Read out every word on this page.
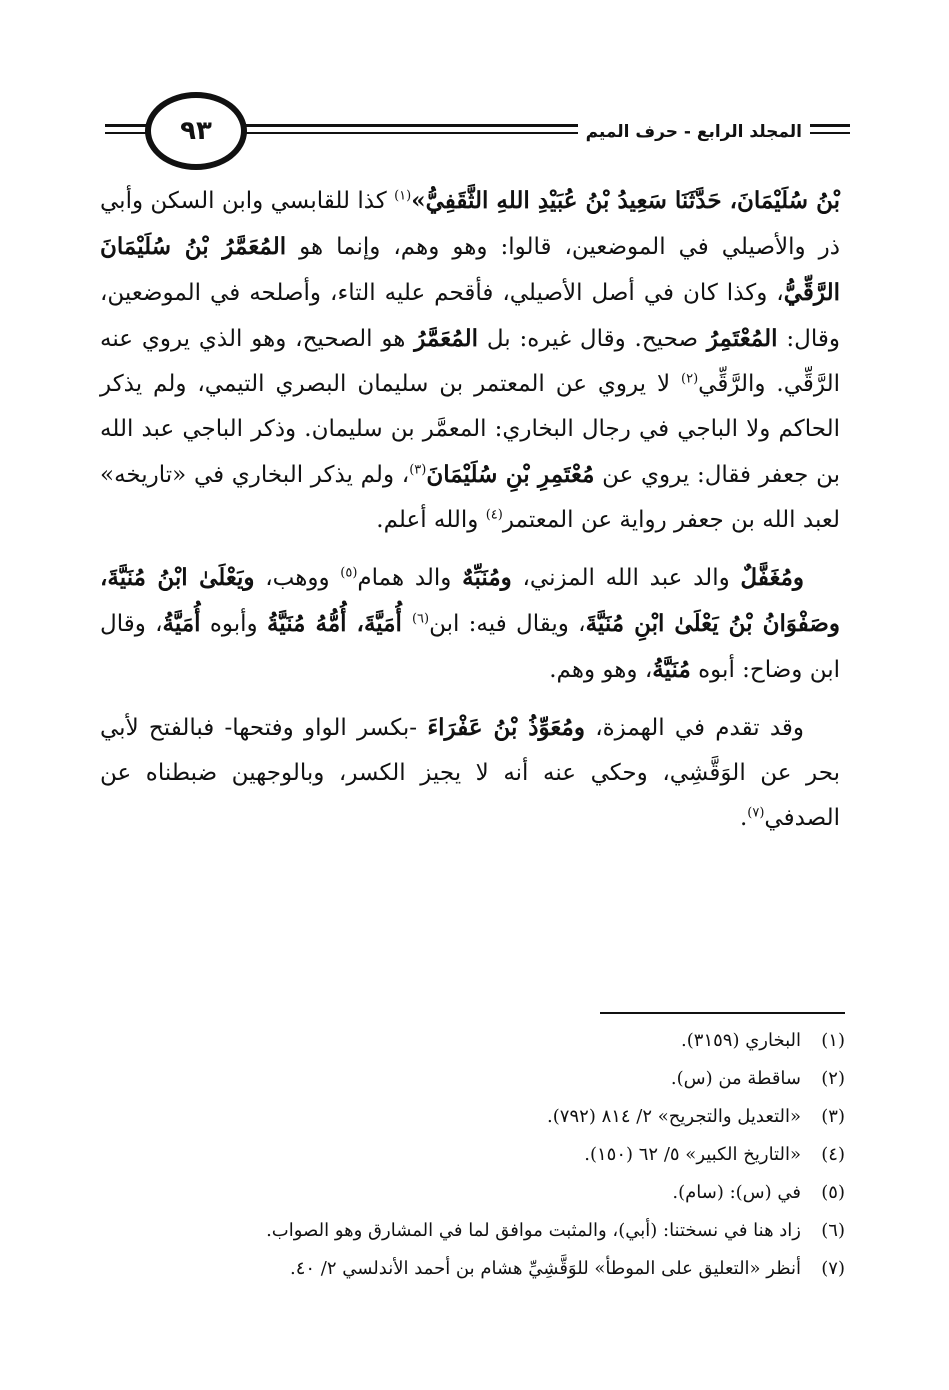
٩٣	المجلد الرابع - حرف الميم

بْنُ سُلَيْمَانَ، حَدَّثَنَا سَعِيدُ بْنُ عُبَيْدِ اللهِ الثَّقَفِيُّ»$^{(١)}$ كذا للقابسي وابن السكن وأبي ذر والأصيلي في الموضعين، قالوا: وهو وهم، وإنما هو المُعَمَّرُ بْنُ سُلَيْمَانَ الرَّقِّيُّ، وكذا كان في أصل الأصيلي، فأقحم عليه التاء، وأصلحه في الموضعين، وقال: المُعْتَمِرُ صحيح. وقال غيره: بل المُعَمَّرُ هو الصحيح، وهو الذي يروي عنه الرَّقِّي. والرَّقِّي$^{(٢)}$ لا يروي عن المعتمر بن سليمان البصري التيمي، ولم يذكر الحاكم ولا الباجي في رجال البخاري: المعمَّر بن سليمان. وذكر الباجي عبد الله بن جعفر فقال: يروي عن مُعْتَمِرِ بْنِ سُلَيْمَانَ$^{(٣)}$، ولم يذكر البخاري في «تاريخه» لعبد الله بن جعفر رواية عن المعتمر$^{(٤)}$ والله أعلم.

ومُغَفَّلٌ والد عبد الله المزني، ومُنَبِّهٌ والد همام$^{(٥)}$ ووهب، ويَعْلَىٰ ابْنُ مُنَيَّةَ، وصَفْوَانُ بْنُ يَعْلَىٰ ابْنِ مُنَيَّةَ، ويقال فيه: ابن$^{(٦)}$ أُمَيَّةَ، أُمُّهُ مُنَيَّةُ وأبوه أُمَيَّةُ، وقال ابن وضاح: أبوه مُنَيَّةُ، وهو وهم.

وقد تقدم في الهمزة، ومُعَوِّذُ بْنُ عَفْرَاءَ -بكسر الواو وفتحها- فبالفتح لأبي بحر عن الوَقَّشِي، وحكي عنه أنه لا يجيز الكسر، وبالوجهين ضبطناه عن الصدفي$^{(٧)}$.

(١)
البخاري (٣١٥٩).
(٢)
ساقطة من (س).
(٣)
«التعديل والتجريح» ٢/ ٨١٤ (٧٩٢).
(٤)
«التاريخ الكبير» ٥/ ٦٢ (١٥٠).
(٥)
في (س): (سام).
(٦)
زاد هنا في نسختنا: (أبي)، والمثبت موافق لما في المشارق وهو الصواب.
(٧)
أنظر «التعليق على الموطأ» للوَقَّشِيِّ هشام بن أحمد الأندلسي ٢/ ٤٠.
